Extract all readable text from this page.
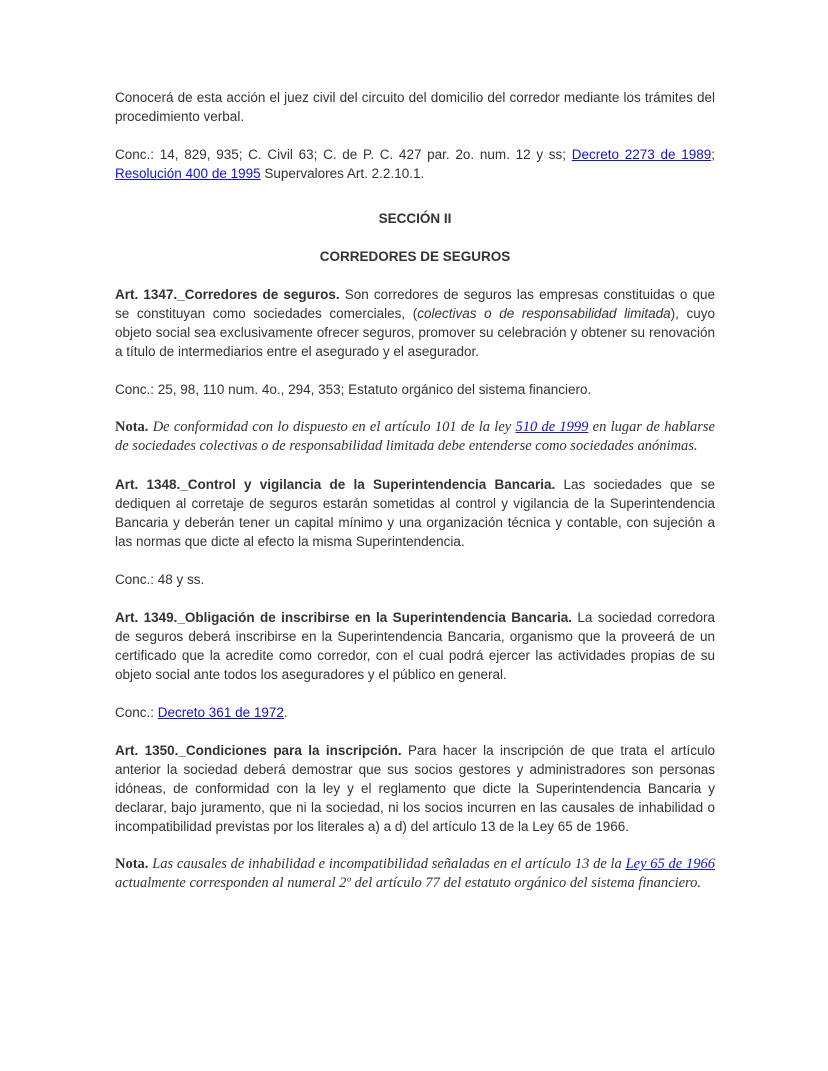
Conocerá de esta acción el juez civil del circuito del domicilio del corredor mediante los trámites del procedimiento verbal.

Conc.: 14, 829, 935; C. Civil 63; C. de P. C. 427 par. 2o. num. 12 y ss; Decreto 2273 de 1989; Resolución 400 de 1995 Supervalores Art. 2.2.10.1.

SECCIÓN II

CORREDORES DE SEGUROS

Art. 1347._Corredores de seguros. Son corredores de seguros las empresas constituidas o que se constituyan como sociedades comerciales, (colectivas o de responsabilidad limitada), cuyo objeto social sea exclusivamente ofrecer seguros, promover su celebración y obtener su renovación a título de intermediarios entre el asegurado y el asegurador.

Conc.: 25, 98, 110 num. 4o., 294, 353; Estatuto orgánico del sistema financiero.

Nota. De conformidad con lo dispuesto en el artículo 101 de la ley 510 de 1999 en lugar de hablarse de sociedades colectivas o de responsabilidad limitada debe entenderse como sociedades anónimas.

Art. 1348._Control y vigilancia de la Superintendencia Bancaria. Las sociedades que se dediquen al corretaje de seguros estarán sometidas al control y vigilancia de la Superintendencia Bancaria y deberán tener un capital mínimo y una organización técnica y contable, con sujeción a las normas que dicte al efecto la misma Superintendencia.

Conc.: 48 y ss.

Art. 1349._Obligación de inscribirse en la Superintendencia Bancaria. La sociedad corredora de seguros deberá inscribirse en la Superintendencia Bancaria, organismo que la proveerá de un certificado que la acredite como corredor, con el cual podrá ejercer las actividades propias de su objeto social ante todos los aseguradores y el público en general.

Conc.: Decreto 361 de 1972.

Art. 1350._Condiciones para la inscripción. Para hacer la inscripción de que trata el artículo anterior la sociedad deberá demostrar que sus socios gestores y administradores son personas idóneas, de conformidad con la ley y el reglamento que dicte la Superintendencia Bancaria y declarar, bajo juramento, que ni la sociedad, ni los socios incurren en las causales de inhabilidad o incompatibilidad previstas por los literales a) a d) del artículo 13 de la Ley 65 de 1966.

Nota. Las causales de inhabilidad e incompatibilidad señaladas en el artículo 13 de la Ley 65 de 1966 actualmente corresponden al numeral 2º del artículo 77 del estatuto orgánico del sistema financiero.
